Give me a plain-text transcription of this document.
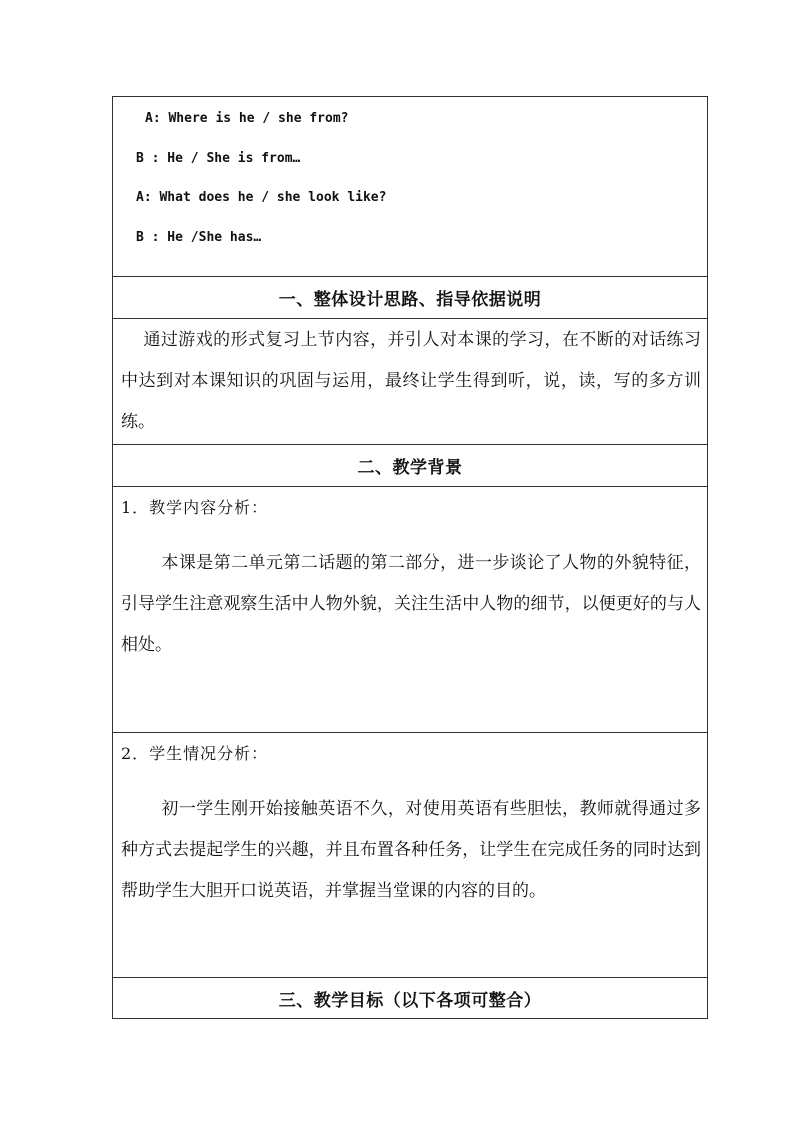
A: Where is he / she from?
B : He / She is from…
A: What does he / she look like?
B : He /She has…
一、整体设计思路、指导依据说明
通过游戏的形式复习上节内容，并引人对本课的学习，在不断的对话练习中达到对本课知识的巩固与运用，最终让学生得到听，说，读，写的多方训练。
二、教学背景
1．教学内容分析：
本课是第二单元第二话题的第二部分，进一步谈论了人物的外貌特征，引导学生注意观察生活中人物外貌，关注生活中人物的细节，以便更好的与人相处。
2．学生情况分析：
初一学生刚开始接触英语不久，对使用英语有些胆怯，教师就得通过多种方式去提起学生的兴趣，并且布置各种任务，让学生在完成任务的同时达到帮助学生大胆开口说英语，并掌握当堂课的内容的目的。
三、教学目标（以下各项可整合）
